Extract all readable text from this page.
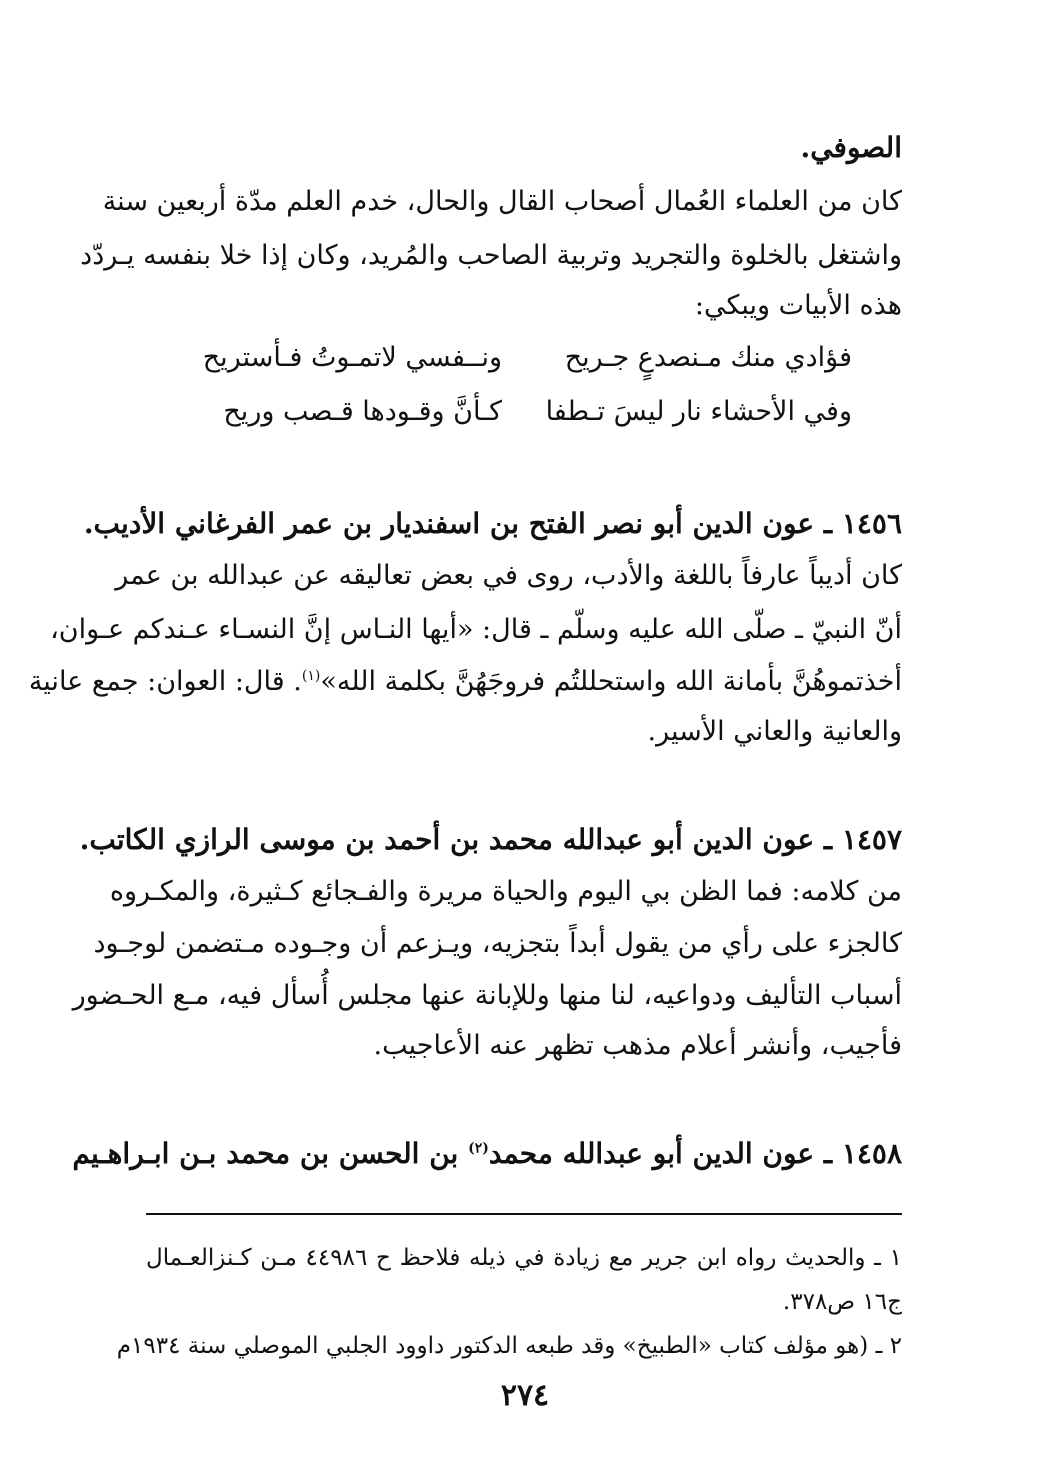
الصوفي.
كان من العلماء العُمال أصحاب القال والحال، خدم العلم مدّة أربعين سنة
واشتغل بالخلوة والتجريد وتربية الصاحب والمُريد، وكان إذا خلا بنفسه يـردّد
هذه الأبيات ويبكي:
فؤادي منك مـنصدعٍ جـريح
ونــفسي لاتمـوتُ فـأستريح
وفي الأحشاء نار ليسَ تـطفا
كـأنَّ وقـودها قـصب وريح
١٤٥٦ ـ عون الدين أبو نصر الفتح بن اسفنديار بن عمر الفرغاني الأديب.
كان أديباً عارفاً باللغة والأدب، روى في بعض تعاليقه عن عبدالله بن عمر
أنّ النبيّ ـ صلّى الله عليه وسلّم ـ قال: «أيها النـاس إنَّ النسـاء عـندكم عـوان،
أخذتموهُنَّ بأمانة الله واستحللتُم فروجَهُنَّ بكلمة الله»$^{(١)}$. قال: العوان: جمع عانية
والعانية والعاني الأسير.
١٤٥٧ ـ عون الدين أبو عبدالله محمد بن أحمد بن موسى الرازي الكاتب.
من كلامه: فما الظن بي اليوم والحياة مريرة والفـجائع كـثيرة، والمكـروه
كالجزء على رأي من يقول أبداً بتجزيه، ويـزعم أن وجـوده مـتضمن لوجـود
أسباب التأليف ودواعيه، لنا منها وللإبانة عنها مجلس أُسأل فيه، مـع الحـضور
فأجيب، وأنشر أعلام مذهب تظهر عنه الأعاجيب.
١٤٥٨ ـ عون الدين أبو عبدالله محمد$^{(٢)}$ بن الحسن بن محمد بـن ابـراهـيم
١ ـ والحديث رواه ابن جرير مع زيادة في ذيله فلاحظ ح ٤٤٩٨٦ مـن كـنزالعـمال
ج١٦ ص٣٧٨.
٢ ـ (هو مؤلف كتاب «الطبيخ» وقد طبعه الدكتور داوود الجلبي الموصلي سنة ١٩٣٤م
٢٧٤
